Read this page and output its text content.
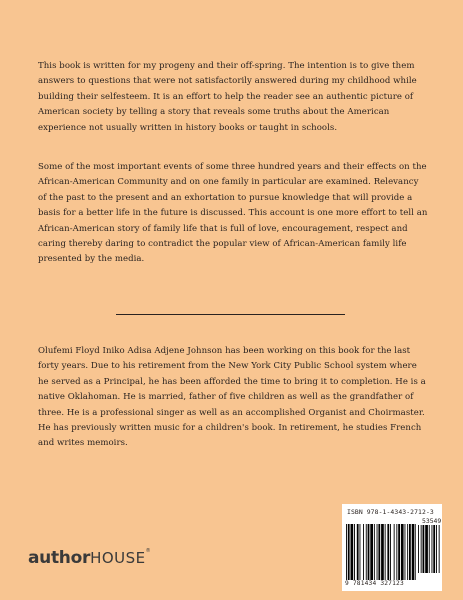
This book is written for my progeny and their off-spring. The intention is to give them answers to questions that were not satisfactorily answered during my childhood while building their selfesteem. It is an effort to help the reader see an authentic picture of American society by telling a story that reveals some truths about the American experience not usually written in history books or taught in schools.

Some of the most important events of some three hundred years and their effects on the African-American Community and on one family in particular are examined. Relevancy of the past to the present and an exhortation to pursue knowledge that will provide a basis for a better life in the future is discussed. This account is one more effort to tell an African-American story of family life that is full of love, encouragement, respect and caring thereby daring to contradict the popular view of African-American family life presented by the media.

Olufemi Floyd Iniko Adisa Adjene Johnson has been working on this book for the last forty years. Due to his retirement from the New York City Public School system where he served as a Principal, he has been afforded the time to bring it to completion. He is a native Oklahoman. He is married, father of five children as well as the grandfather of three. He is a professional singer as well as an accomplished Organist and Choirmaster. He has previously written music for a children's book. In retirement, he studies French and writes memoirs.

authorHOUSE®
ISBN 978-1-4343-2712-3
53549
9 781434 327123
